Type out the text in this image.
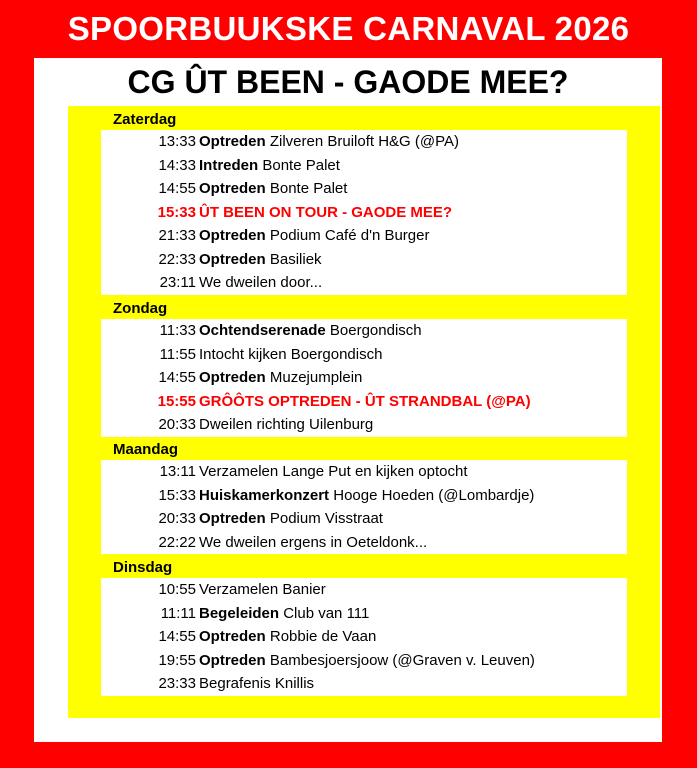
SPOORBUUKSKE CARNAVAL 2026
CG ÛT BEEN - GAODE MEE?
Zaterdag
13:33 Optreden Zilveren Bruiloft H&G (@PA)
14:33 Intreden Bonte Palet
14:55 Optreden Bonte Palet
15:33 ÛT BEEN ON TOUR - GAODE MEE?
21:33 Optreden Podium Café d'n Burger
22:33 Optreden Basiliek
23:11 We dweilen door...
Zondag
11:33 Ochtendserenade Boergondisch
11:55 Intocht kijken Boergondisch
14:55 Optreden Muzejumplein
15:55 GRÔÔTS OPTREDEN - ÛT STRANDBAL (@PA)
20:33 Dweilen richting Uilenburg
Maandag
13:11 Verzamelen Lange Put en kijken optocht
15:33 Huiskamerkonzert Hooge Hoeden (@Lombardje)
20:33 Optreden Podium Visstraat
22:22 We dweilen ergens in Oeteldonk...
Dinsdag
10:55 Verzamelen Banier
11:11 Begeleiden Club van 111
14:55 Optreden Robbie de Vaan
19:55 Optreden Bambesjoersjoow (@Graven v. Leuven)
23:33 Begrafenis Knillis
